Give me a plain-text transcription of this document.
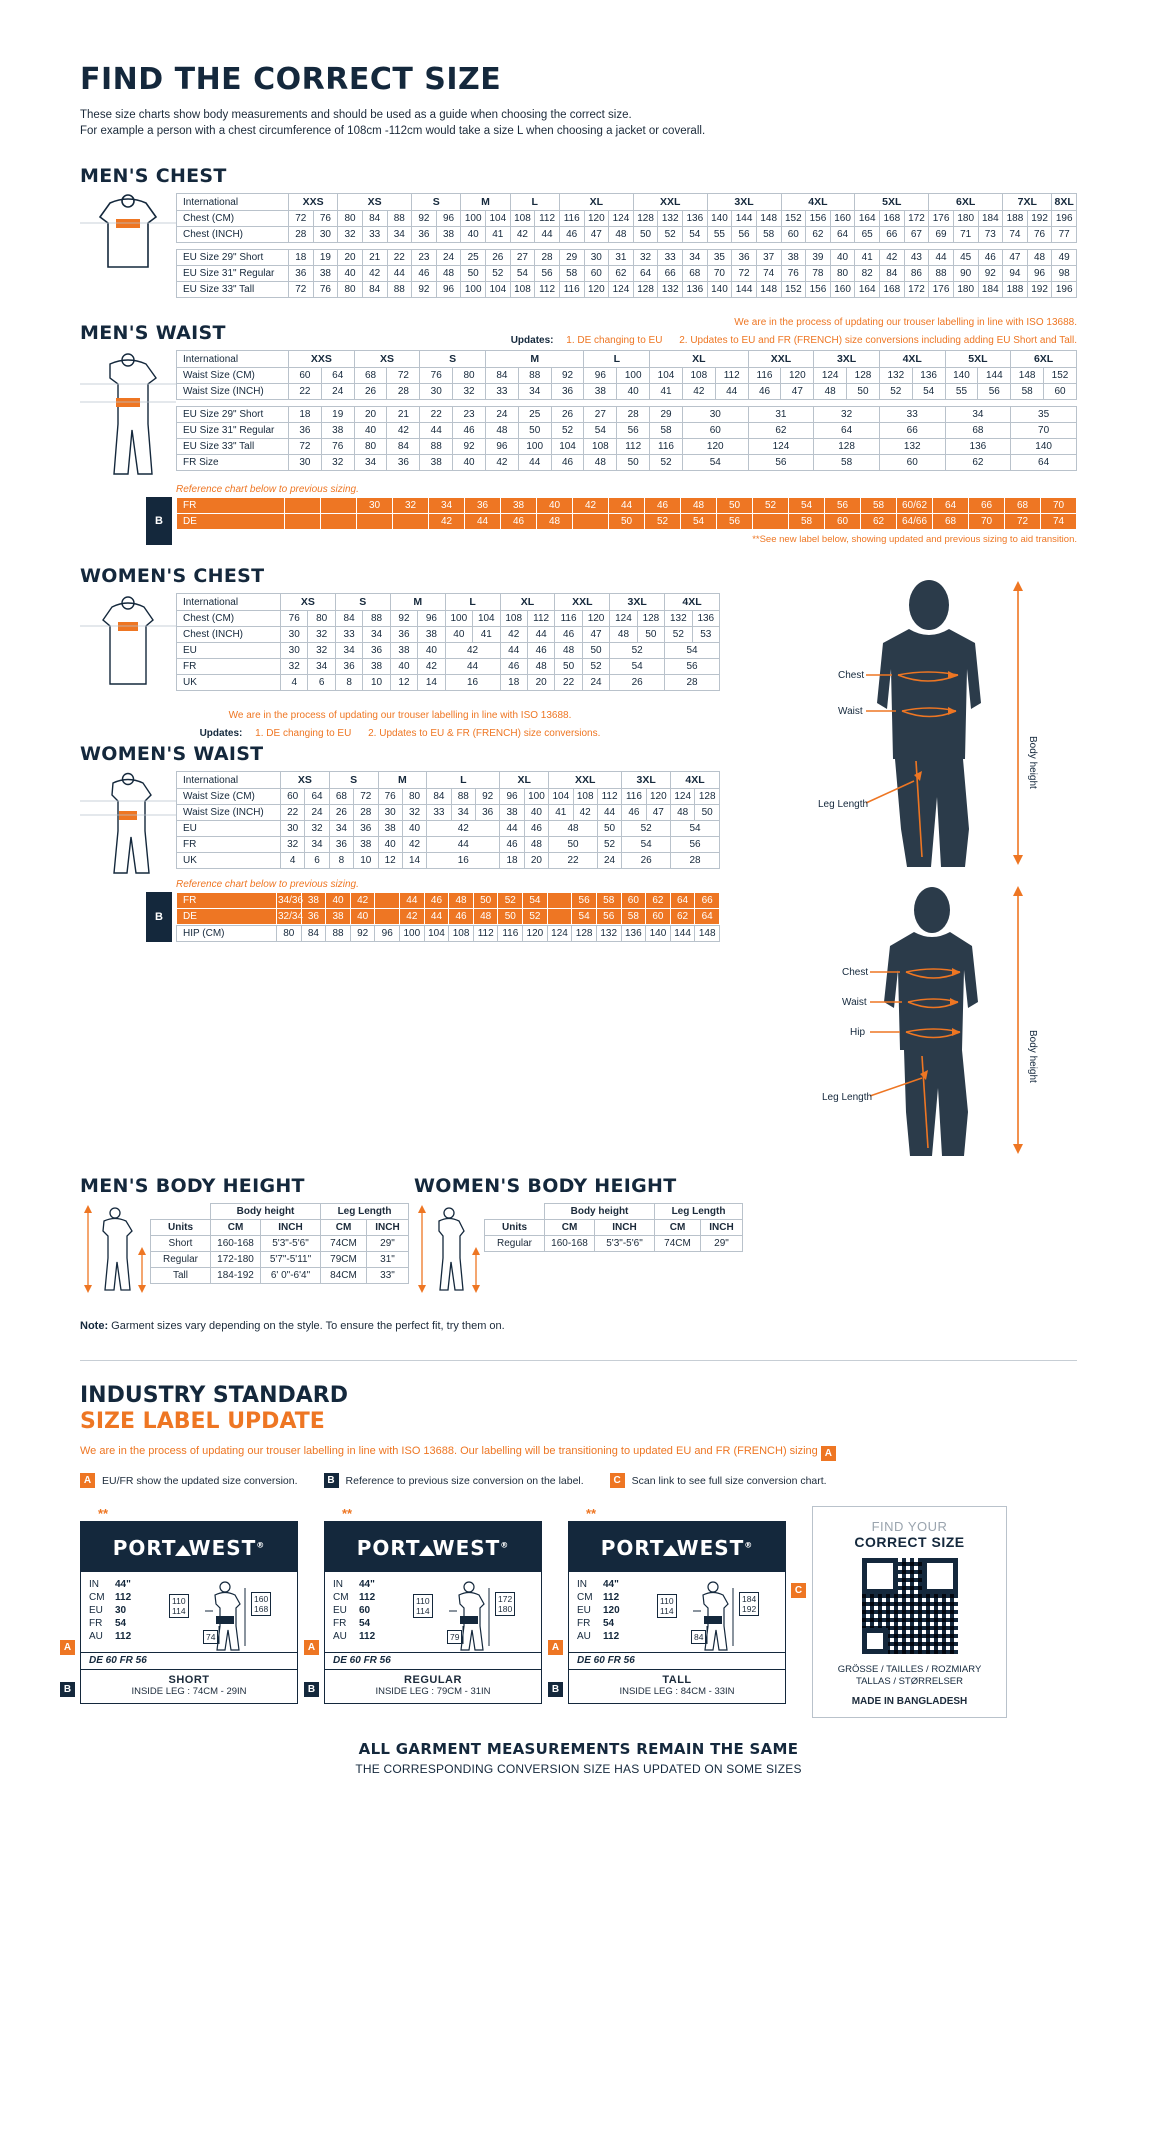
FIND THE CORRECT SIZE
These size charts show body measurements and should be used as a guide when choosing the correct size.
For example a person with a chest circumference of 108cm -112cm would take a size L when choosing a jacket or coverall.
MEN'S CHEST
International	XXS		XS			S		M		L		XL			XXL			3XL			4XL			5XL			6XL			7XL		8XL
Chest (CM)	72	76	80	84	88	92	96	100	104	108	112	116	120	124	128	132	136	140	144	148	152	156	160	164	168	172	176	180	184	188	192	196
Chest (INCH)	28	30	32	33	34	36	38	40	41	42	44	46	47	48	50	52	54	55	56	58	60	62	64	65	66	67	69	71	73	74	76	77

EU Size 29" Short	18	19	20	21	22	23	24	25	26	27	28	29	30	31	32	33	34	35	36	37	38	39	40	41	42	43	44	45	46	47	48	49
EU Size 31" Regular	36	38	40	42	44	46	48	50	52	54	56	58	60	62	64	66	68	70	72	74	76	78	80	82	84	86	88	90	92	94	96	98
EU Size 33" Tall	72	76	80	84	88	92	96	100	104	108	112	116	120	124	128	132	136	140	144	148	152	156	160	164	168	172	176	180	184	188	192	196
MEN'S WAIST	We are in the process of updating our trouser labelling in line with ISO 13688.
Updates: 1. DE changing to EU 2. Updates to EU and FR (FRENCH) size conversions including adding EU Short and Tall.
International	XXS		XS		S		M			L		XL			XXL		3XL		4XL		5XL		6XL	
Waist Size (CM)	60	64	68	72	76	80	84	88	92	96	100	104	108	112	116	120	124	128	132	136	140	144	148	152
Waist Size (INCH)	22	24	26	28	30	32	33	34	36	38	40	41	42	44	46	47	48	50	52	54	55	56	58	60

EU Size 29" Short	18	19	20	21	22	23	24	25	26	27	28	29	30		31		32		33		34		35	
EU Size 31" Regular	36	38	40	42	44	46	48	50	52	54	56	58	60		62		64		66		68		70	
EU Size 33" Tall	72	76	80	84	88	92	96	100	104	108	112	116	120		124		128		132		136		140	
FR Size	30	32	34	36	38	40	42	44	46	48	50	52	54		56		58		60		62		64	
Reference chart below to previous sizing.
B
FR			30	32	34	36	38	40	42	44	46	48	50	52	54	56	58	60/62	64	66	68	70
DE					42	44	46	48		50	52	54	56		58	60	62	64/66	68	70	72	74
**See new label below, showing updated and previous sizing to aid transition.
WOMEN'S CHEST
International	XS		S		M		L		XL		XXL		3XL		4XL	
Chest (CM)	76	80	84	88	92	96	100	104	108	112	116	120	124	128	132	136
Chest (INCH)	30	32	33	34	36	38	40	41	42	44	46	47	48	50	52	53
EU	30	32	34	36	38	40	42		44	46	48	50	52		54	
FR	32	34	36	38	40	42	44		46	48	50	52	54		56	
UK	4	6	8	10	12	14	16		18	20	22	24	26		28	
We are in the process of updating our trouser labelling in line with ISO 13688.
Updates: 1. DE changing to EU 2. Updates to EU & FR (FRENCH) size conversions.
WOMEN'S WAIST
International	XS		S		M		L			XL		XXL			3XL		4XL	
Waist Size (CM)	60	64	68	72	76	80	84	88	92	96	100	104	108	112	116	120	124	128
Waist Size (INCH)	22	24	26	28	30	32	33	34	36	38	40	41	42	44	46	47	48	50
EU	30	32	34	36	38	40	42			44	46	48		50	52		54	
FR	32	34	36	38	40	42	44			46	48	50		52	54		56	
UK	4	6	8	10	12	14	16			18	20	22		24	26		28	
Reference chart below to previous sizing.
B
FR	34/36	38	40	42		44	46	48	50	52	54		56	58	60	62	64	66
DE	32/34	36	38	40		42	44	46	48	50	52		54	56	58	60	62	64
HIP (CM)	80	84	88	92	96	100	104	108	112	116	120	124	128	132	136	140	144	148
Chest
Waist
Leg Length
Body height
Chest
Waist
Hip
Leg Length
Body height
MEN'S BODY HEIGHT
	Body height		Leg Length	
Units	CM	INCH	CM	INCH
Short	160-168	5'3"-5'6"	74CM	29"
Regular	172-180	5'7"-5'11"	79CM	31"
Tall	184-192	6' 0"-6'4"	84CM	33"
WOMEN'S BODY HEIGHT
	Body height		Leg Length	
Units	CM	INCH	CM	INCH
Regular	160-168	5'3"-5'6"	74CM	29"
Note: Garment sizes vary depending on the style. To ensure the perfect fit, try them on.
INDUSTRY STANDARD
SIZE LABEL UPDATE
We are in the process of updating our trouser labelling in line with ISO 13688. Our labelling will be transitioning to updated EU and FR (FRENCH) sizing A
A	EU/FR show the updated size conversion.	B	Reference to previous size conversion on the label.	C	Scan link to see full size conversion chart.
**
PORT WEST®
IN	44"
CM	112
EU	30
FR	54
AU	112
110
114
74
160
168
DE 60 FR 56
SHORT
INSIDE LEG : 74CM - 29IN
A
B
**
PORT WEST®
IN	44"
CM	112
EU	60
FR	54
AU	112
110
114
79
172
180
DE 60 FR 56
REGULAR
INSIDE LEG : 79CM - 31IN
A
B
**
PORT WEST®
IN	44"
CM	112
EU	120
FR	54
AU	112
110
114
84
184
192
DE 60 FR 56
TALL
INSIDE LEG : 84CM - 33IN
A
B
C
FIND YOUR
CORRECT SIZE
GRÖSSE / TAILLES / ROZMIARY
TALLAS / STØRRELSER
MADE IN BANGLADESH
ALL GARMENT MEASUREMENTS REMAIN THE SAME
THE CORRESPONDING CONVERSION SIZE HAS UPDATED ON SOME SIZES
